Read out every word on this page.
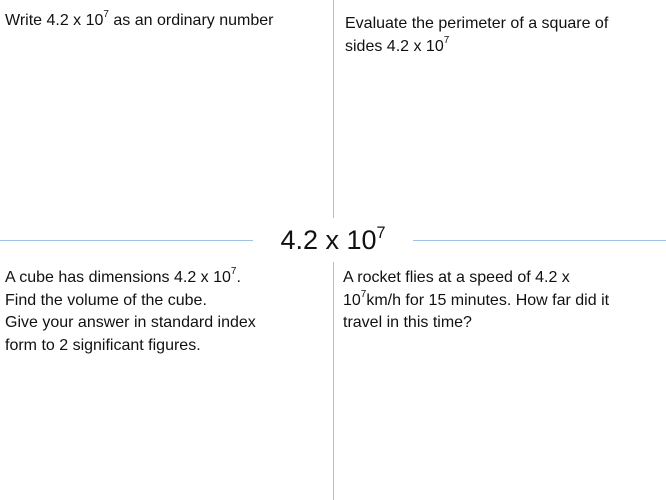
4.2 x $10^7$

Write 4.2 x $10^7$ as an ordinary number	Evaluate the perimeter of a square of

sides 4.2 x $10^7$

A cube has dimensions 4.2 x $10^7$.

Find the volume of the cube.

Give your answer in standard index

form to 2 significant figures.

A rocket flies at a speed of 4.2 x

$10^7km/h$ for 15 minutes. How far did it

travel in this time?
